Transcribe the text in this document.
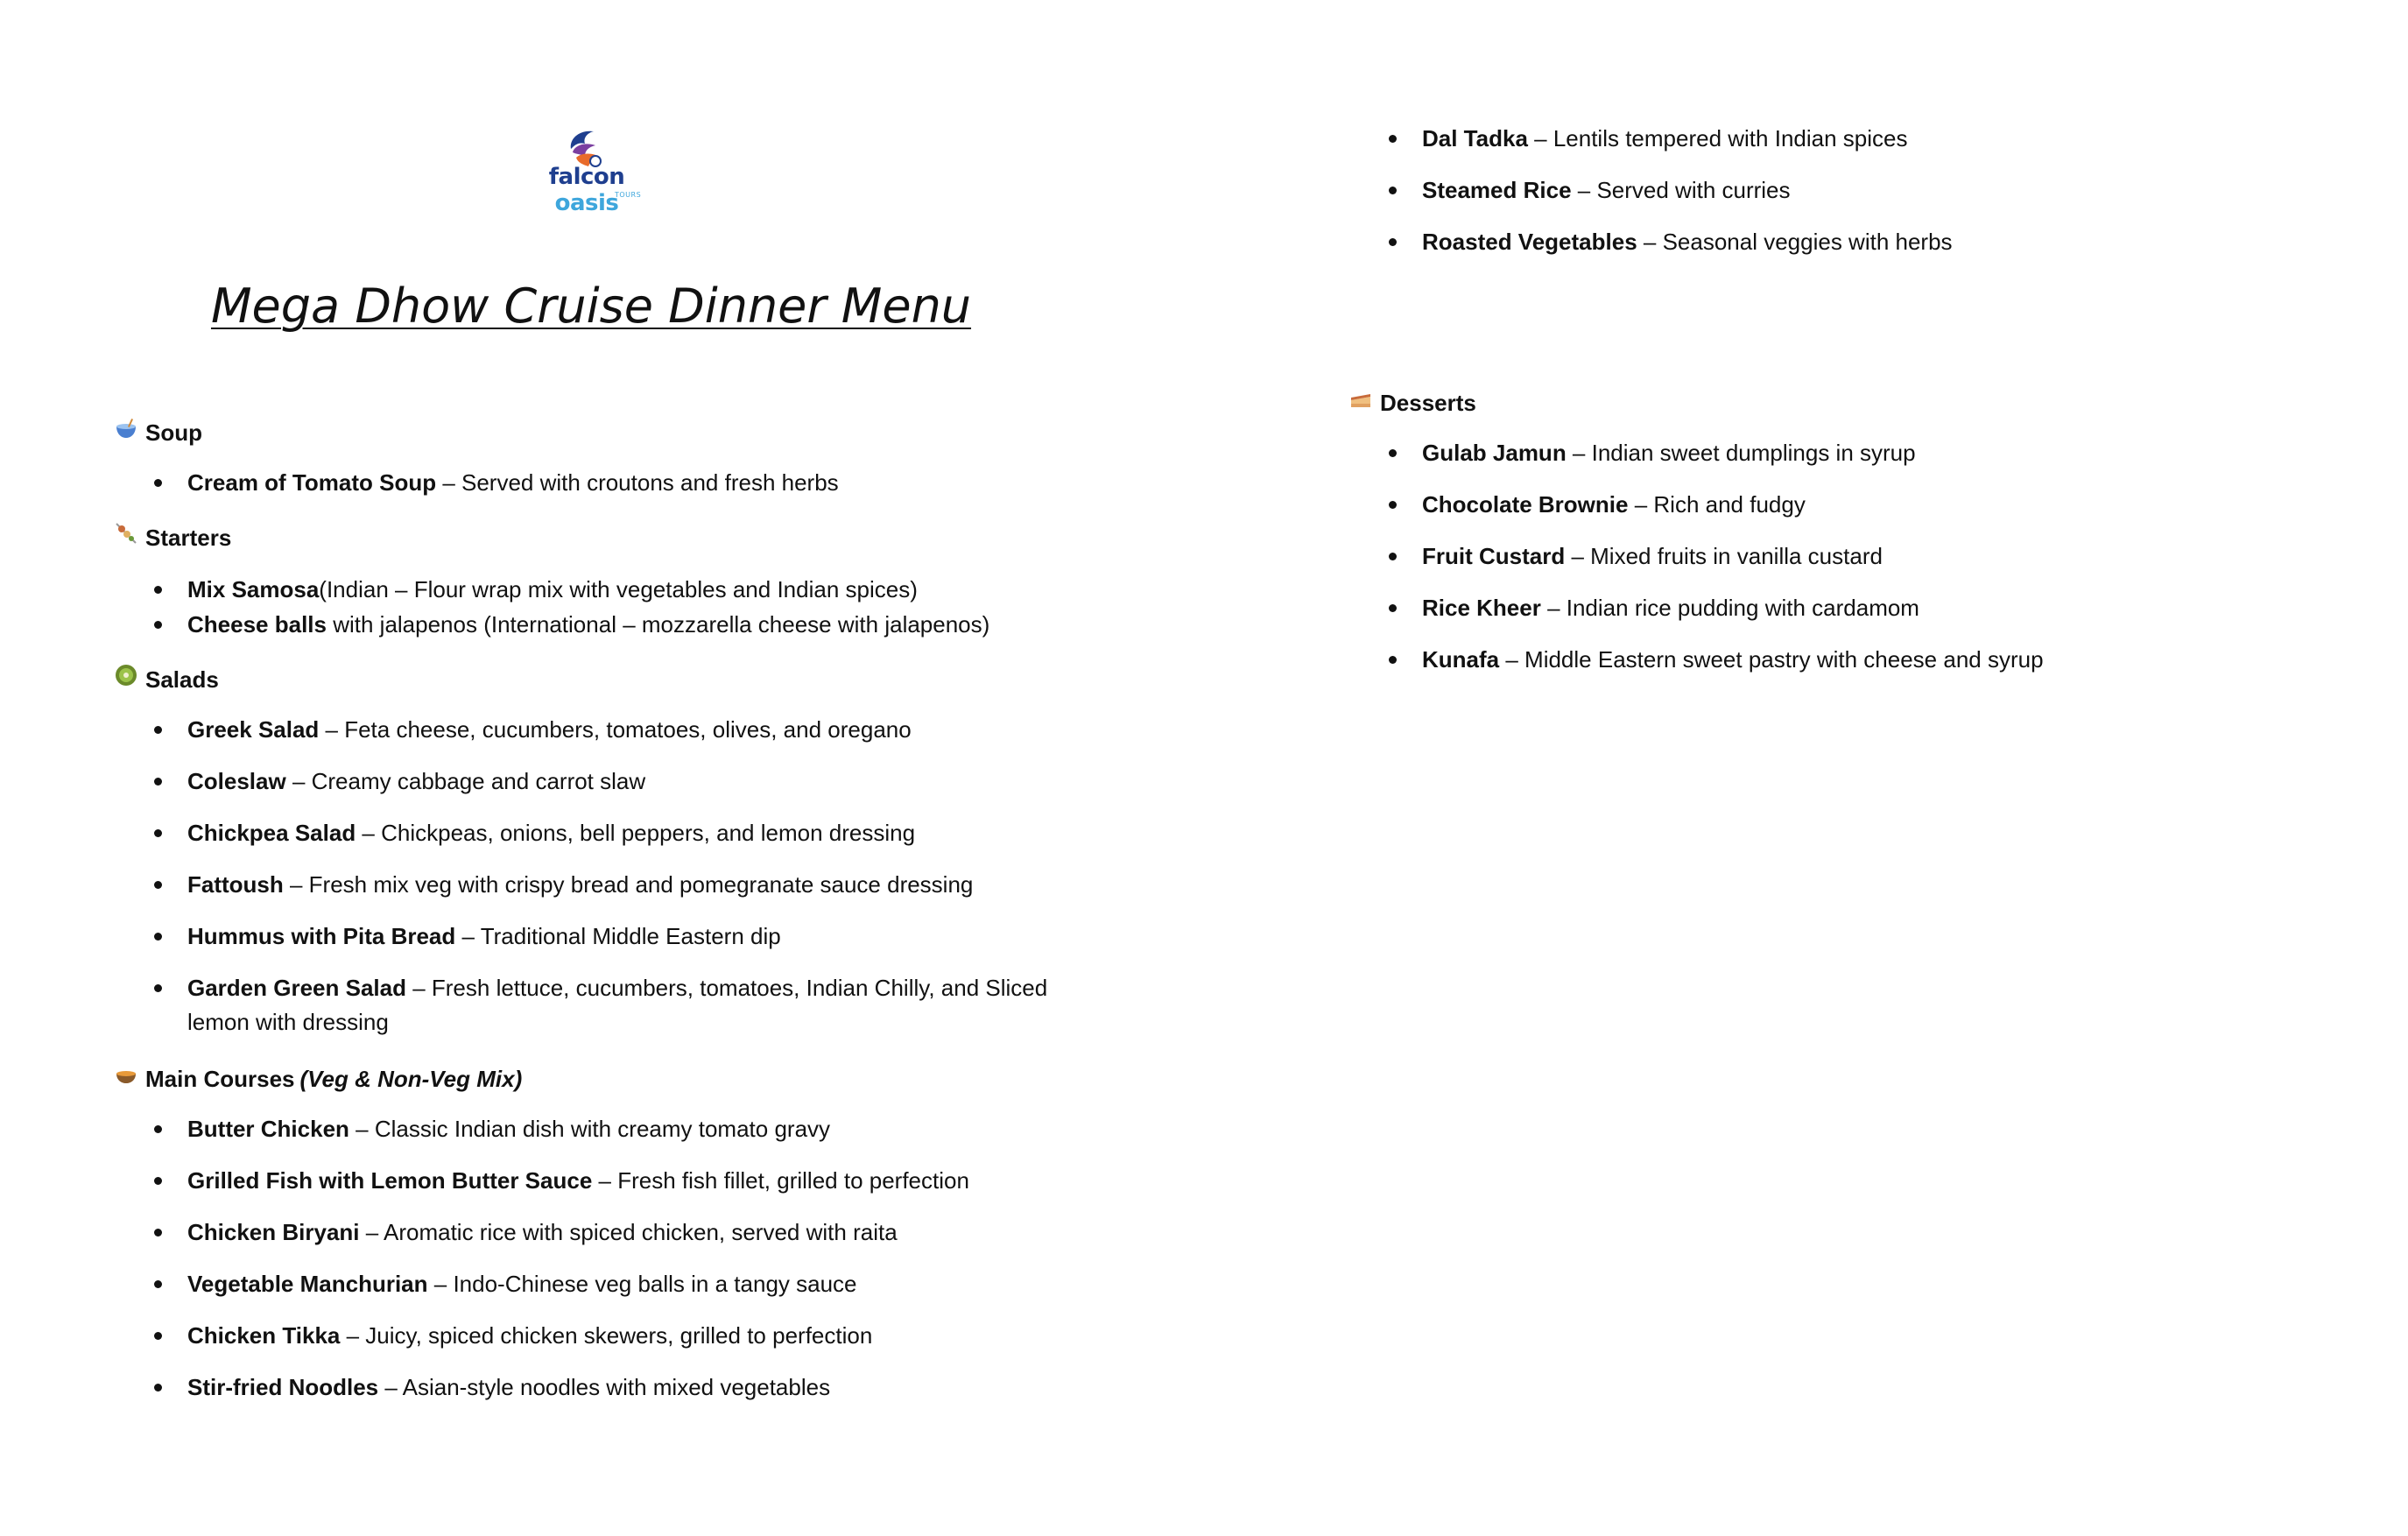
falcon oasis
TOURS
Mega Dhow Cruise Dinner Menu
Soup
Cream of Tomato Soup – Served with croutons and fresh herbs
Starters
Mix Samosa(Indian – Flour wrap mix with vegetables and Indian spices)
Cheese balls with jalapenos (International – mozzarella cheese with jalapenos)
Salads
Greek Salad – Feta cheese, cucumbers, tomatoes, olives, and oregano
Coleslaw – Creamy cabbage and carrot slaw
Chickpea Salad – Chickpeas, onions, bell peppers, and lemon dressing
Fattoush – Fresh mix veg with crispy bread and pomegranate sauce dressing
Hummus with Pita Bread – Traditional Middle Eastern dip
Garden Green Salad – Fresh lettuce, cucumbers, tomatoes, Indian Chilly, and Sliced lemon with dressing
Main Courses (Veg & Non-Veg Mix)
Butter Chicken – Classic Indian dish with creamy tomato gravy
Grilled Fish with Lemon Butter Sauce – Fresh fish fillet, grilled to perfection
Chicken Biryani – Aromatic rice with spiced chicken, served with raita
Vegetable Manchurian – Indo-Chinese veg balls in a tangy sauce
Chicken Tikka – Juicy, spiced chicken skewers, grilled to perfection
Stir-fried Noodles – Asian-style noodles with mixed vegetables
Dal Tadka – Lentils tempered with Indian spices
Steamed Rice – Served with curries
Roasted Vegetables – Seasonal veggies with herbs
Desserts
Gulab Jamun – Indian sweet dumplings in syrup
Chocolate Brownie – Rich and fudgy
Fruit Custard – Mixed fruits in vanilla custard
Rice Kheer – Indian rice pudding with cardamom
Kunafa – Middle Eastern sweet pastry with cheese and syrup
